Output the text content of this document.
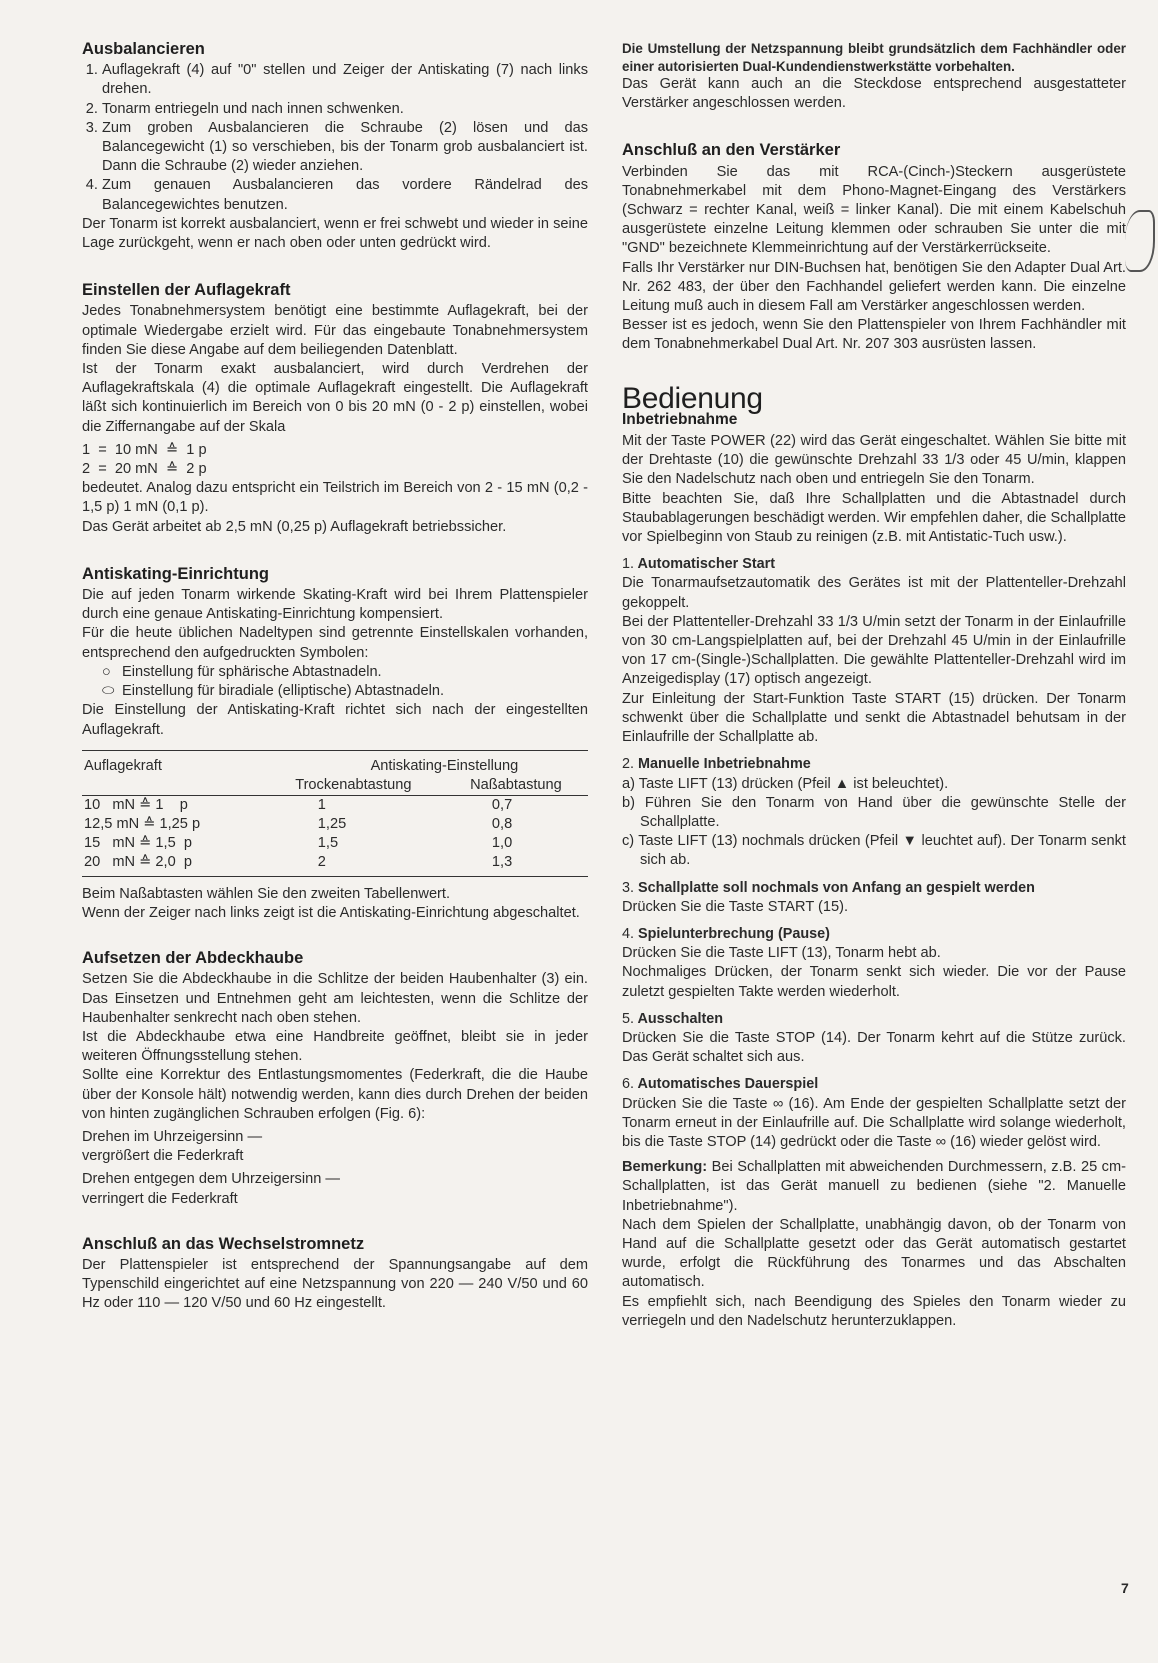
Ausbalancieren
1. Auflagekraft (4) auf "0" stellen und Zeiger der Antiskating (7) nach links drehen.
2. Tonarm entriegeln und nach innen schwenken.
3. Zum groben Ausbalancieren die Schraube (2) lösen und das Balancegewicht (1) so verschieben, bis der Tonarm grob ausbalanciert ist. Dann die Schraube (2) wieder anziehen.
4. Zum genauen Ausbalancieren das vordere Rändelrad des Balancegewichtes benutzen.

Der Tonarm ist korrekt ausbalanciert, wenn er frei schwebt und wieder in seine Lage zurückgeht, wenn er nach oben oder unten gedrückt wird.

Einstellen der Auflagekraft

Jedes Tonabnehmersystem benötigt eine bestimmte Auflagekraft, bei der optimale Wiedergabe erzielt wird. Für das eingebaute Tonabnehmersystem finden Sie diese Angabe auf dem beiliegenden Datenblatt.

Ist der Tonarm exakt ausbalanciert, wird durch Verdrehen der Auflagekraftskala (4) die optimale Auflagekraft eingestellt. Die Auflagekraft läßt sich kontinuierlich im Bereich von 0 bis 20 mN (0 - 2 p) einstellen, wobei die Ziffernangabe auf der Skala

1  =  10 mN  ≙  1 p

2  =  20 mN  ≙  2 p

bedeutet. Analog dazu entspricht ein Teilstrich im Bereich von 2 - 15 mN (0,2 - 1,5 p) 1 mN (0,1 p).

Das Gerät arbeitet ab 2,5 mN (0,25 p) Auflagekraft betriebssicher.

Antiskating-Einrichtung

Die auf jeden Tonarm wirkende Skating-Kraft wird bei Ihrem Plattenspieler durch eine genaue Antiskating-Einrichtung kompensiert.

Für die heute üblichen Nadeltypen sind getrennte Einstellskalen vorhanden, entsprechend den aufgedruckten Symbolen:

○ Einstellung für sphärische Abtastnadeln.

⬭ Einstellung für biradiale (elliptische) Abtastnadeln.

Die Einstellung der Antiskating-Kraft richtet sich nach der eingestellten Auflagekraft.

Auflagekraft	Antiskating-Einstellung	
	Trockenabtastung	Naßabtastung
10   mN ≙ 1    p	1	0,7
12,5 mN ≙ 1,25 p	1,25	0,8
15   mN ≙ 1,5  p	1,5	1,0
20   mN ≙ 2,0  p	2	1,3

Beim Naßabtasten wählen Sie den zweiten Tabellenwert.

Wenn der Zeiger nach links zeigt ist die Antiskating-Einrichtung abgeschaltet.

Aufsetzen der Abdeckhaube

Setzen Sie die Abdeckhaube in die Schlitze der beiden Haubenhalter (3) ein. Das Einsetzen und Entnehmen geht am leichtesten, wenn die Schlitze der Haubenhalter senkrecht nach oben stehen.

Ist die Abdeckhaube etwa eine Handbreite geöffnet, bleibt sie in jeder weiteren Öffnungsstellung stehen.

Sollte eine Korrektur des Entlastungsmomentes (Federkraft, die die Haube über der Konsole hält) notwendig werden, kann dies durch Drehen der beiden von hinten zugänglichen Schrauben erfolgen (Fig. 6):

Drehen im Uhrzeigersinn —

vergrößert die Federkraft

Drehen entgegen dem Uhrzeigersinn —

verringert die Federkraft

Anschluß an das Wechselstromnetz

Der Plattenspieler ist entsprechend der Spannungsangabe auf dem Typenschild eingerichtet auf eine Netzspannung von 220 — 240 V/50 und 60 Hz oder 110 — 120 V/50 und 60 Hz eingestellt.

Die Umstellung der Netzspannung bleibt grundsätzlich dem Fachhändler oder einer autorisierten Dual-Kundendienstwerkstätte vorbehalten.

Das Gerät kann auch an die Steckdose entsprechend ausgestatteter Verstärker angeschlossen werden.

Anschluß an den Verstärker

Verbinden Sie das mit RCA-(Cinch-)Steckern ausgerüstete Tonabnehmerkabel mit dem Phono-Magnet-Eingang des Verstärkers (Schwarz = rechter Kanal, weiß = linker Kanal). Die mit einem Kabelschuh ausgerüstete einzelne Leitung klemmen oder schrauben Sie unter die mit "GND" bezeichnete Klemmeinrichtung auf der Verstärkerrückseite.

Falls Ihr Verstärker nur DIN-Buchsen hat, benötigen Sie den Adapter Dual Art. Nr. 262 483, der über den Fachhandel geliefert werden kann. Die einzelne Leitung muß auch in diesem Fall am Verstärker angeschlossen werden.

Besser ist es jedoch, wenn Sie den Plattenspieler von Ihrem Fachhändler mit dem Tonabnehmerkabel Dual Art. Nr. 207 303 ausrüsten lassen.

Bedienung
Inbetriebnahme

Mit der Taste POWER (22) wird das Gerät eingeschaltet. Wählen Sie bitte mit der Drehtaste (10) die gewünschte Drehzahl 33 1/3 oder 45 U/min, klappen Sie den Nadelschutz nach oben und entriegeln Sie den Tonarm.

Bitte beachten Sie, daß Ihre Schallplatten und die Abtastnadel durch Staubablagerungen beschädigt werden. Wir empfehlen daher, die Schallplatte vor Spielbeginn von Staub zu reinigen (z.B. mit Antistatic-Tuch usw.).

1. Automatischer Start

Die Tonarmaufsetzautomatik des Gerätes ist mit der Plattenteller-Drehzahl gekoppelt.

Bei der Plattenteller-Drehzahl 33 1/3 U/min setzt der Tonarm in der Einlaufrille von 30 cm-Langspielplatten auf, bei der Drehzahl 45 U/min in der Einlaufrille von 17 cm-(Single-)Schallplatten. Die gewählte Plattenteller-Drehzahl wird im Anzeigedisplay (17) optisch angezeigt.

Zur Einleitung der Start-Funktion Taste START (15) drücken. Der Tonarm schwenkt über die Schallplatte und senkt die Abtastnadel behutsam in der Einlaufrille der Schallplatte ab.

2. Manuelle Inbetriebnahme
a) Taste LIFT (13) drücken (Pfeil ▲ ist beleuchtet).
b) Führen Sie den Tonarm von Hand über die gewünschte Stelle der Schallplatte.
c) Taste LIFT (13) nochmals drücken (Pfeil ▼ leuchtet auf). Der Tonarm senkt sich ab.
3. Schallplatte soll nochmals von Anfang an gespielt werden

Drücken Sie die Taste START (15).

4. Spielunterbrechung (Pause)

Drücken Sie die Taste LIFT (13), Tonarm hebt ab.

Nochmaliges Drücken, der Tonarm senkt sich wieder. Die vor der Pause zuletzt gespielten Takte werden wiederholt.

5. Ausschalten

Drücken Sie die Taste STOP (14). Der Tonarm kehrt auf die Stütze zurück. Das Gerät schaltet sich aus.

6. Automatisches Dauerspiel

Drücken Sie die Taste ∞ (16). Am Ende der gespielten Schallplatte setzt der Tonarm erneut in der Einlaufrille auf. Die Schallplatte wird solange wiederholt, bis die Taste STOP (14) gedrückt oder die Taste ∞ (16) wieder gelöst wird.

Bemerkung: Bei Schallplatten mit abweichenden Durchmessern, z.B. 25 cm-Schallplatten, ist das Gerät manuell zu bedienen (siehe "2. Manuelle Inbetriebnahme").

Nach dem Spielen der Schallplatte, unabhängig davon, ob der Tonarm von Hand auf die Schallplatte gesetzt oder das Gerät automatisch gestartet wurde, erfolgt die Rückführung des Tonarmes und das Abschalten automatisch.

Es empfiehlt sich, nach Beendigung des Spieles den Tonarm wieder zu verriegeln und den Nadelschutz herunterzuklappen.

7
